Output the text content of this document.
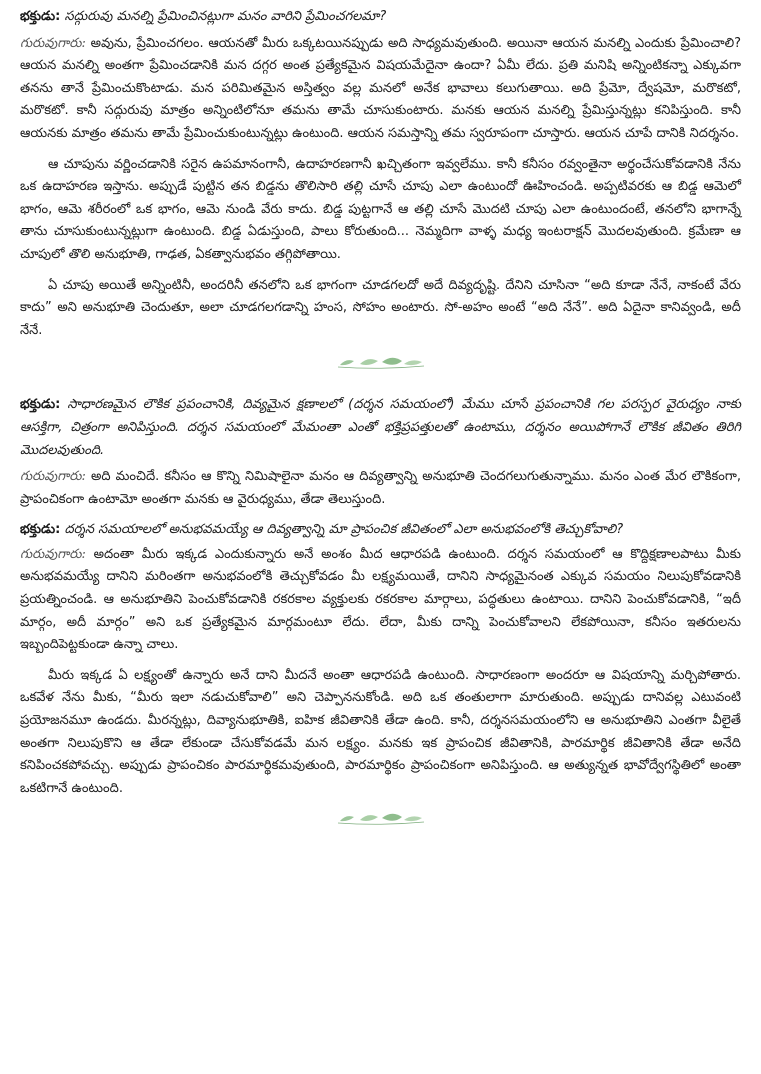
భక్తుడు: సద్గురువు మనల్ని ప్రేమించినట్లుగా మనం వారిని ప్రేమించగలమా?

గురువుగారు: అవును, ప్రేమించగలం. ఆయనతో మీరు ఒక్కటయినప్పుడు అది సాధ్యమవుతుంది. అయినా ఆయన మనల్ని ఎందుకు ప్రేమించాలి? ఆయన మనల్ని అంతగా ప్రేమించడానికి మన దగ్గర అంత ప్రత్యేకమైన విషయమేదైనా ఉందా? ఏమీ లేదు. ప్రతి మనిషి అన్నింటికన్నా ఎక్కువగా తనను తానే ప్రేమించుకొంటాడు. మన పరిమితమైన అస్తిత్వం వల్ల మనలో అనేక భావాలు కలుగుతాయి. అది ప్రేమో, ద్వేషమో, మరొకటో, మరొకటో. కానీ సద్గురువు మాత్రం అన్నింటిలోనూ తమను తామే చూసుకుంటారు. మనకు ఆయన మనల్ని ప్రేమిస్తున్నట్లు కనిపిస్తుంది. కానీ ఆయనకు మాత్రం తమను తామే ప్రేమించుకుంటున్నట్లు ఉంటుంది. ఆయన సమస్తాన్ని తమ స్వరూపంగా చూస్తారు. ఆయన చూపే దానికి నిదర్శనం.

ఆ చూపును వర్ణించడానికి సరైన ఉపమానంగానీ, ఉదాహరణగానీ ఖచ్చితంగా ఇవ్వలేము. కానీ కనీసం రవ్వంతైనా అర్థంచేసుకోవడానికి నేను ఒక ఉదాహరణ ఇస్తాను. అప్పుడే పుట్టిన తన బిడ్డను తొలిసారి తల్లి చూసే చూపు ఎలా ఉంటుందో ఊహించండి. అప్పటివరకు ఆ బిడ్డ ఆమెలో భాగం, ఆమె శరీరంలో ఒక భాగం, ఆమె నుండి వేరు కాదు. బిడ్డ పుట్టగానే ఆ తల్లి చూసే మొదటి చూపు ఎలా ఉంటుందంటే, తనలోని భాగాన్నే తాను చూసుకుంటున్నట్లుగా ఉంటుంది. బిడ్డ ఏడుస్తుంది, పాలు కోరుతుంది... నెమ్మదిగా వాళ్ళ మధ్య ఇంటరాక్షన్ మొదలవుతుంది. క్రమేణా ఆ చూపులో తొలి అనుభూతి, గాఢత, ఏకత్వానుభవం తగ్గిపోతాయి.

ఏ చూపు అయితే అన్నింటినీ, అందరినీ తనలోని ఒక భాగంగా చూడగలదో అదే దివ్యదృష్టి. దేనిని చూసినా “అది కూడా నేనే, నాకంటే వేరు కాదు” అని అనుభూతి చెందుతూ, అలా చూడగలగడాన్ని హంస, సోహం అంటారు. సో-అహం అంటే “అది నేనే”. అది ఏదైనా కానివ్వండి, అదీ నేనే.

భక్తుడు: సాధారణమైన లౌకిక ప్రపంచానికి, దివ్యమైన క్షణాలలో (దర్శన సమయంలో) మేము చూసే ప్రపంచానికి గల పరస్పర వైరుధ్యం నాకు ఆసక్తిగా, చిత్రంగా అనిపిస్తుంది. దర్శన సమయంలో మేమంతా ఎంతో భక్తిప్రపత్తులతో ఉంటాము, దర్శనం అయిపోగానే లౌకిక జీవితం తిరిగి మొదలవుతుంది.

గురువుగారు: అది మంచిదే. కనీసం ఆ కొన్ని నిమిషాలైనా మనం ఆ దివ్యత్వాన్ని అనుభూతి చెందగలుగుతున్నాము. మనం ఎంత మేర లౌకికంగా, ప్రాపంచికంగా ఉంటామో అంతగా మనకు ఆ వైరుధ్యము, తేడా తెలుస్తుంది.

భక్తుడు: దర్శన సమయాలలో అనుభవమయ్యే ఆ దివ్యత్వాన్ని మా ప్రాపంచిక జీవితంలో ఎలా అనుభవంలోకి తెచ్చుకోవాలి?

గురువుగారు: అదంతా మీరు ఇక్కడ ఎందుకున్నారు అనే అంశం మీద ఆధారపడి ఉంటుంది. దర్శన సమయంలో ఆ కొద్దిక్షణాలపాటు మీకు అనుభవమయ్యే దానిని మరింతగా అనుభవంలోకి తెచ్చుకోవడం మీ లక్ష్యమయితే, దానిని సాధ్యమైనంత ఎక్కువ సమయం నిలుపుకోవడానికి ప్రయత్నించండి. ఆ అనుభూతిని పెంచుకోవడానికి రకరకాల వ్యక్తులకు రకరకాల మార్గాలు, పద్ధతులు ఉంటాయి. దానిని పెంచుకోవడానికి, “ఇదీ మార్గం, అదీ మార్గం” అని ఒక ప్రత్యేకమైన మార్గమంటూ లేదు. లేదా, మీకు దాన్ని పెంచుకోవాలని లేకపోయినా, కనీసం ఇతరులను ఇబ్బందిపెట్టకుండా ఉన్నా చాలు.

మీరు ఇక్కడ ఏ లక్ష్యంతో ఉన్నారు అనే దాని మీదనే అంతా ఆధారపడి ఉంటుంది. సాధారణంగా అందరూ ఆ విషయాన్ని మర్చిపోతారు. ఒకవేళ నేను మీకు, “మీరు ఇలా నడుచుకోవాలి” అని చెప్పాననుకోండి. అది ఒక తంతులాగా మారుతుంది. అప్పుడు దానివల్ల ఎటువంటి ప్రయోజనమూ ఉండదు. మీరన్నట్లు, దివ్యానుభూతికి, ఐహిక జీవితానికి తేడా ఉంది. కానీ, దర్శనసమయంలోని ఆ అనుభూతిని ఎంతగా వీలైతే అంతగా నిలుపుకొని ఆ తేడా లేకుండా చేసుకోవడమే మన లక్ష్యం. మనకు ఇక ప్రాపంచిక జీవితానికి, పారమార్థిక జీవితానికి తేడా అనేది కనిపించకపోవచ్చు. అప్పుడు ప్రాపంచికం పారమార్థికమవుతుంది, పారమార్థికం ప్రాపంచికంగా అనిపిస్తుంది. ఆ అత్యున్నత భావోద్వేగస్థితిలో అంతా ఒకటిగానే ఉంటుంది.
